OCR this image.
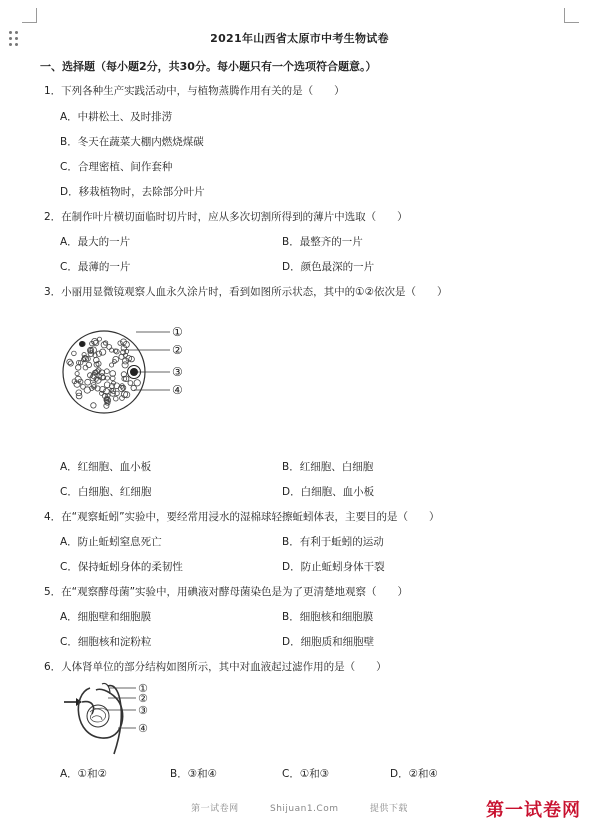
2021年山西省太原市中考生物试卷
一、选择题（每小题2分，共30分。每小题只有一个选项符合题意。）
1．下列各种生产实践活动中，与植物蒸腾作用有关的是（　　）
A．中耕松土、及时排涝
B．冬天在蔬菜大棚内燃烧煤碳
C．合理密植、间作套种
D．移栽植物时，去除部分叶片
2．在制作叶片横切面临时切片时，应从多次切割所得到的薄片中选取（　　）
A．最大的一片	B．最整齐的一片
C．最薄的一片	D．颜色最深的一片
3．小丽用显微镜观察人血永久涂片时，看到如图所示状态，其中的①②依次是（　　）
①
②
③
④
A．红细胞、血小板	B．红细胞、白细胞
C．白细胞、红细胞	D．白细胞、血小板
4．在“观察蚯蚓”实验中，要经常用浸水的湿棉球轻擦蚯蚓体表，主要目的是（　　）
A．防止蚯蚓窒息死亡	B．有利于蚯蚓的运动
C．保持蚯蚓身体的柔韧性	D．防止蚯蚓身体干裂
5．在“观察酵母菌”实验中，用碘液对酵母菌染色是为了更清楚地观察（　　）
A．细胞壁和细胞膜	B．细胞核和细胞膜
C．细胞核和淀粉粒	D．细胞质和细胞壁
6．人体肾单位的部分结构如图所示，其中对血液起过滤作用的是（　　）
①
②
③
④
A．①和②	B．③和④	C．①和③	D．②和④
第一试卷网	Shijuan1.Com	提供下载	第一试卷网
